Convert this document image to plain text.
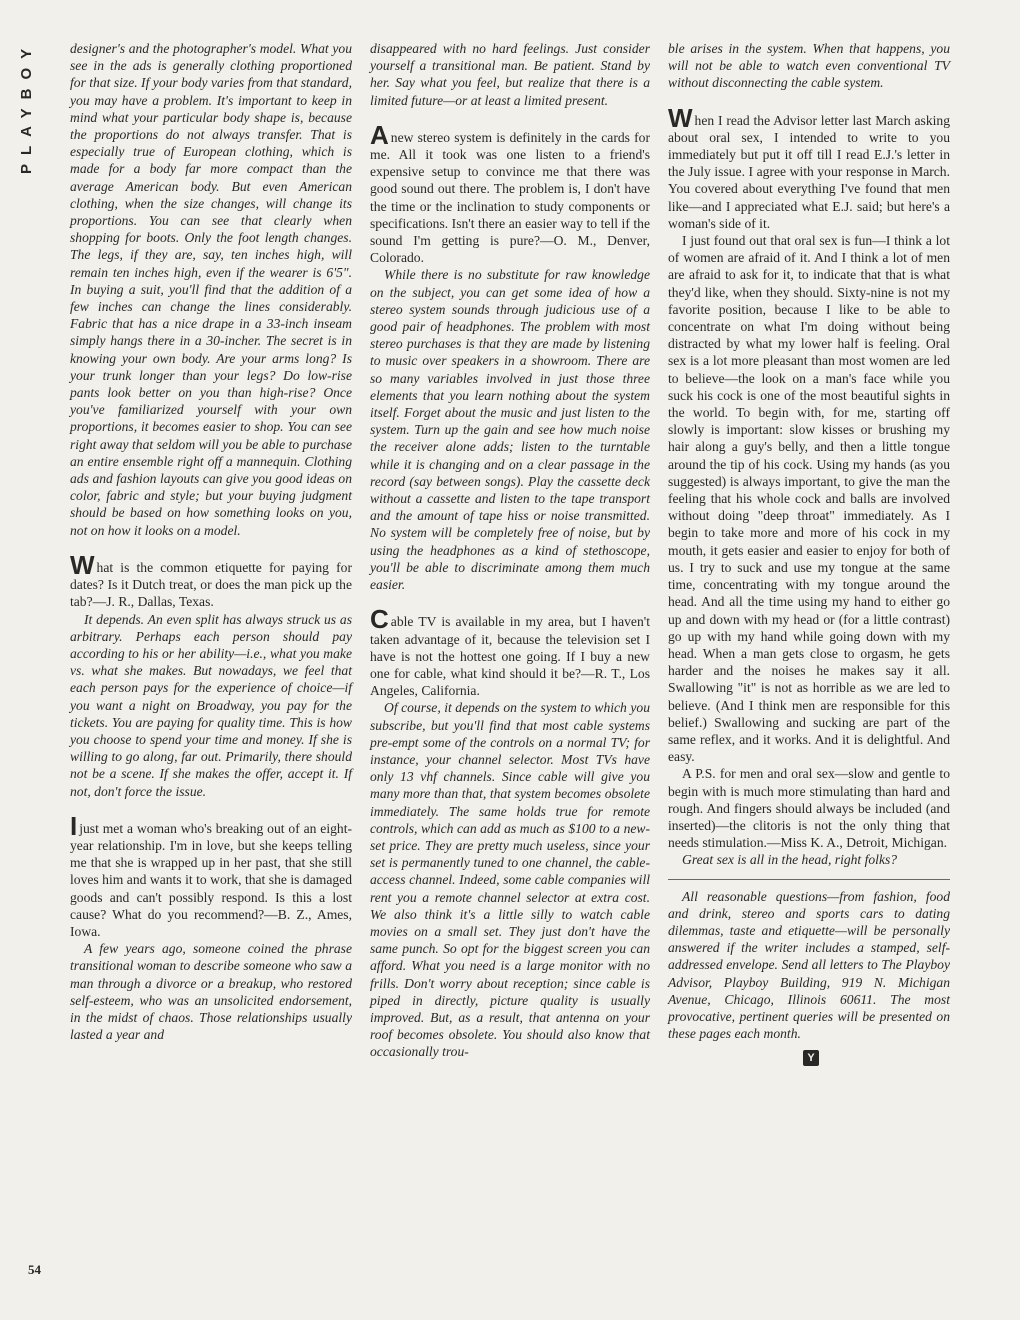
PLAYBOY
54

designer's and the photographer's model. What you see in the ads is generally clothing proportioned for that size. If your body varies from that standard, you may have a problem. It's important to keep in mind what your particular body shape is, because the proportions do not always transfer. That is especially true of European clothing, which is made for a body far more compact than the average American body. But even American clothing, when the size changes, will change its proportions. You can see that clearly when shopping for boots. Only the foot length changes. The legs, if they are, say, ten inches high, will remain ten inches high, even if the wearer is 6'5". In buying a suit, you'll find that the addition of a few inches can change the lines considerably. Fabric that has a nice drape in a 33-inch inseam simply hangs there in a 30-incher. The secret is in knowing your own body. Are your arms long? Is your trunk longer than your legs? Do low-rise pants look better on you than high-rise? Once you've familiarized yourself with your own proportions, it becomes easier to shop. You can see right away that seldom will you be able to purchase an entire ensemble right off a mannequin. Clothing ads and fashion layouts can give you good ideas on color, fabric and style; but your buying judgment should be based on how something looks on you, not on how it looks on a model.

What is the common etiquette for paying for dates? Is it Dutch treat, or does the man pick up the tab?—J. R., Dallas, Texas.

It depends. An even split has always struck us as arbitrary. Perhaps each person should pay according to his or her ability—i.e., what you make vs. what she makes. But nowadays, we feel that each person pays for the experience of choice—if you want a night on Broadway, you pay for the tickets. You are paying for quality time. This is how you choose to spend your time and money. If she is willing to go along, far out. Primarily, there should not be a scene. If she makes the offer, accept it. If not, don't force the issue.

Ijust met a woman who's breaking out of an eight-year relationship. I'm in love, but she keeps telling me that she is wrapped up in her past, that she still loves him and wants it to work, that she is damaged goods and can't possibly respond. Is this a lost cause? What do you recommend?—B. Z., Ames, Iowa.

A few years ago, someone coined the phrase transitional woman to describe someone who saw a man through a divorce or a breakup, who restored self-esteem, who was an unsolicited endorsement, in the midst of chaos. Those relationships usually lasted a year and

disappeared with no hard feelings. Just consider yourself a transitional man. Be patient. Stand by her. Say what you feel, but realize that there is a limited future—or at least a limited present.

Anew stereo system is definitely in the cards for me. All it took was one listen to a friend's expensive setup to convince me that there was good sound out there. The problem is, I don't have the time or the inclination to study components or specifications. Isn't there an easier way to tell if the sound I'm getting is pure?—O. M., Denver, Colorado.

While there is no substitute for raw knowledge on the subject, you can get some idea of how a stereo system sounds through judicious use of a good pair of headphones. The problem with most stereo purchases is that they are made by listening to music over speakers in a showroom. There are so many variables involved in just those three elements that you learn nothing about the system itself. Forget about the music and just listen to the system. Turn up the gain and see how much noise the receiver alone adds; listen to the turntable while it is changing and on a clear passage in the record (say between songs). Play the cassette deck without a cassette and listen to the tape transport and the amount of tape hiss or noise transmitted. No system will be completely free of noise, but by using the headphones as a kind of stethoscope, you'll be able to discriminate among them much easier.

Cable TV is available in my area, but I haven't taken advantage of it, because the television set I have is not the hottest one going. If I buy a new one for cable, what kind should it be?—R. T., Los Angeles, California.

Of course, it depends on the system to which you subscribe, but you'll find that most cable systems pre-empt some of the controls on a normal TV; for instance, your channel selector. Most TVs have only 13 vhf channels. Since cable will give you many more than that, that system becomes obsolete immediately. The same holds true for remote controls, which can add as much as $100 to a new-set price. They are pretty much useless, since your set is permanently tuned to one channel, the cable-access channel. Indeed, some cable companies will rent you a remote channel selector at extra cost. We also think it's a little silly to watch cable movies on a small set. They just don't have the same punch. So opt for the biggest screen you can afford. What you need is a large monitor with no frills. Don't worry about reception; since cable is piped in directly, picture quality is usually improved. But, as a result, that antenna on your roof becomes obsolete. You should also know that occasionally trou-

ble arises in the system. When that happens, you will not be able to watch even conventional TV without disconnecting the cable system.

When I read the Advisor letter last March asking about oral sex, I intended to write to you immediately but put it off till I read E.J.'s letter in the July issue. I agree with your response in March. You covered about everything I've found that men like—and I appreciated what E.J. said; but here's a woman's side of it.

I just found out that oral sex is fun—I think a lot of women are afraid of it. And I think a lot of men are afraid to ask for it, to indicate that that is what they'd like, when they should. Sixty-nine is not my favorite position, because I like to be able to concentrate on what I'm doing without being distracted by what my lower half is feeling. Oral sex is a lot more pleasant than most women are led to believe—the look on a man's face while you suck his cock is one of the most beautiful sights in the world. To begin with, for me, starting off slowly is important: slow kisses or brushing my hair along a guy's belly, and then a little tongue around the tip of his cock. Using my hands (as you suggested) is always important, to give the man the feeling that his whole cock and balls are involved without doing "deep throat" immediately. As I begin to take more and more of his cock in my mouth, it gets easier and easier to enjoy for both of us. I try to suck and use my tongue at the same time, concentrating with my tongue around the head. And all the time using my hand to either go up and down with my head or (for a little contrast) go up with my hand while going down with my head. When a man gets close to orgasm, he gets harder and the noises he makes say it all. Swallowing "it" is not as horrible as we are led to believe. (And I think men are responsible for this belief.) Swallowing and sucking are part of the same reflex, and it works. And it is delightful. And easy.

A P.S. for men and oral sex—slow and gentle to begin with is much more stimulating than hard and rough. And fingers should always be included (and inserted)—the clitoris is not the only thing that needs stimulation.—Miss K. A., Detroit, Michigan.

Great sex is all in the head, right folks?

All reasonable questions—from fashion, food and drink, stereo and sports cars to dating dilemmas, taste and etiquette—will be personally answered if the writer includes a stamped, self-addressed envelope. Send all letters to The Playboy Advisor, Playboy Building, 919 N. Michigan Avenue, Chicago, Illinois 60611. The most provocative, pertinent queries will be presented on these pages each month.

Y
